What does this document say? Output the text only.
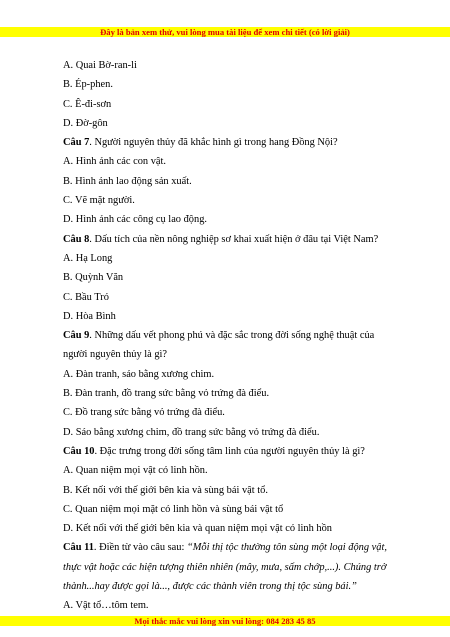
Đây là bản xem thử, vui lòng mua tài liệu để xem chi tiết (có lời giải)
A. Quai Bờ-ran-li
B. Ép-phen.
C. Ê-đi-sơn
D. Đờ-gôn
Câu 7. Người nguyên thủy đã khắc hình gì trong hang Đồng Nội?
A. Hình ảnh các con vật.
B. Hình ảnh lao động sản xuất.
C. Vẽ mặt người.
D. Hình ảnh các công cụ lao động.
Câu 8. Dấu tích của nền nông nghiệp sơ khai xuất hiện ở đâu tại Việt Nam?
A. Hạ Long
B. Quỳnh Văn
C. Bầu Tró
D. Hòa Bình
Câu 9. Những dấu vết phong phú và đặc sắc trong đời sống nghệ thuật của
người nguyên thủy là gì?
A. Đàn tranh, sáo bằng xương chim.
B. Đàn tranh, đồ trang sức bằng vỏ trứng đà điểu.
C. Đồ trang sức bằng vỏ trứng đà điểu.
D. Sáo bằng xương chim, đồ trang sức bằng vỏ trứng đà điểu.
Câu 10. Đặc trưng trong đời sống tâm linh của người nguyên thủy là gì?
A. Quan niệm mọi vật có linh hồn.
B. Kết nối với thế giới bên kia và sùng bái vật tổ.
C. Quan niệm mọi mặt có linh hồn và sùng bái vật tổ
D. Kết nối với thế giới bên kia và quan niệm mọi vật có linh hồn
Câu 11. Điền từ vào câu sau: “Mỗi thị tộc thường tôn sùng một loại động vật,
thực vật hoặc các hiện tượng thiên nhiên (mây, mưa, sấm chớp,...). Chúng trở
thành...hay được gọi là..., được các thành viên trong thị tộc sùng bái.”
A. Vật tổ…tôm tem.
Mọi thắc mắc vui lòng xin vui lòng: 084 283 45 85
